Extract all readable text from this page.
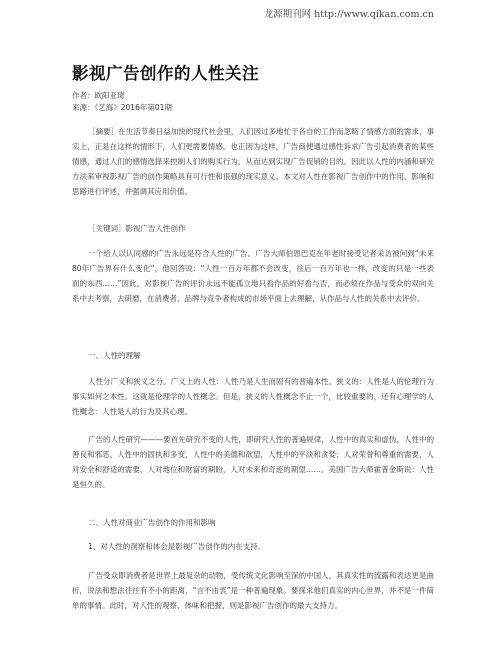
龙源期刊网 http://www.qikan.com.cn
影视广告创作的人性关注
作者：欧阳亚琦
来源：《艺海》2016年第01期

［摘要］在生活节奏日益加快的现代社会里，人们因过多地忙于各自的工作而忽略了情感方面的需求，事实上，正是在这样的情形下，人们更需要情感。也正因为这样，广告商便通过感性诉求广告引起消费者的某些情感，通过人们的感情选择来控制人们的购买行为，从而达到实现广告促销的目的。因此以人性的内涵和研究方法来审视影视广告的创作策略具有可行性和很强的现实意义。本文对人性在影视广告创作中的作用、影响和思路进行评述，并强调其应用价值。

［关键词］影视广告人性创作

一个给人以认同感的广告永远是符合人性的广告。广告大师伯恩巴克在年老时接受记者采访被问到“未来80年广告界有什么变化”，他回答说：“人性一百万年都不会改变，往后一百万年也一样，改变的只是一些表面的东西……”因此，对影视广告的评价永远不能孤立地只看作品的好看与否，而必须在作品与受众的双向关系中去考察，去研磨，在消费者、品牌与竞争者构成的市场平面上去理解，从作品与人性的关系中去评价。

一、人性的理解

人性分广义和狭义之分。广义上的人性：人性乃是人生而固有的普遍本性。狭义的：人性是人的伦理行为事实如何之本性。这就是伦理学的人性概念。但是，狭义的人性概念不止一个，比较重要的，还有心理学的人性概念：人性是人的行为及其心理。

广告的人性研究———要首先研究不变的人性，即研究人性的普遍规律，人性中的真实和虚伪，人性中的善良和邪恶，人性中的固执和多变，人性中的美德和欲望，人性中的平淡和贪婪；人对荣誉和尊重的需要，人对安全和舒适的需要，人对地位和财富的期盼，人对未来和奇迹的期望……。美国广告大师霍普金斯说：人性是恒久的。

二、人性对商业广告创作的作用和影响
1、对人性的洞察和体会是影视广告创作的内在支持。

广告受众即消费者是世界上最复杂的动物，受传统文化影响至深的中国人，其真实性的流露和表达更是曲折，说法和想法往往有不小的距离，“言不由衷”是一种普遍现象。要探求他们真实的内心世界，并不是一件简单的事情。此时，对人性的观察、体味和把握，则是影视广告创作的最大支持力。
